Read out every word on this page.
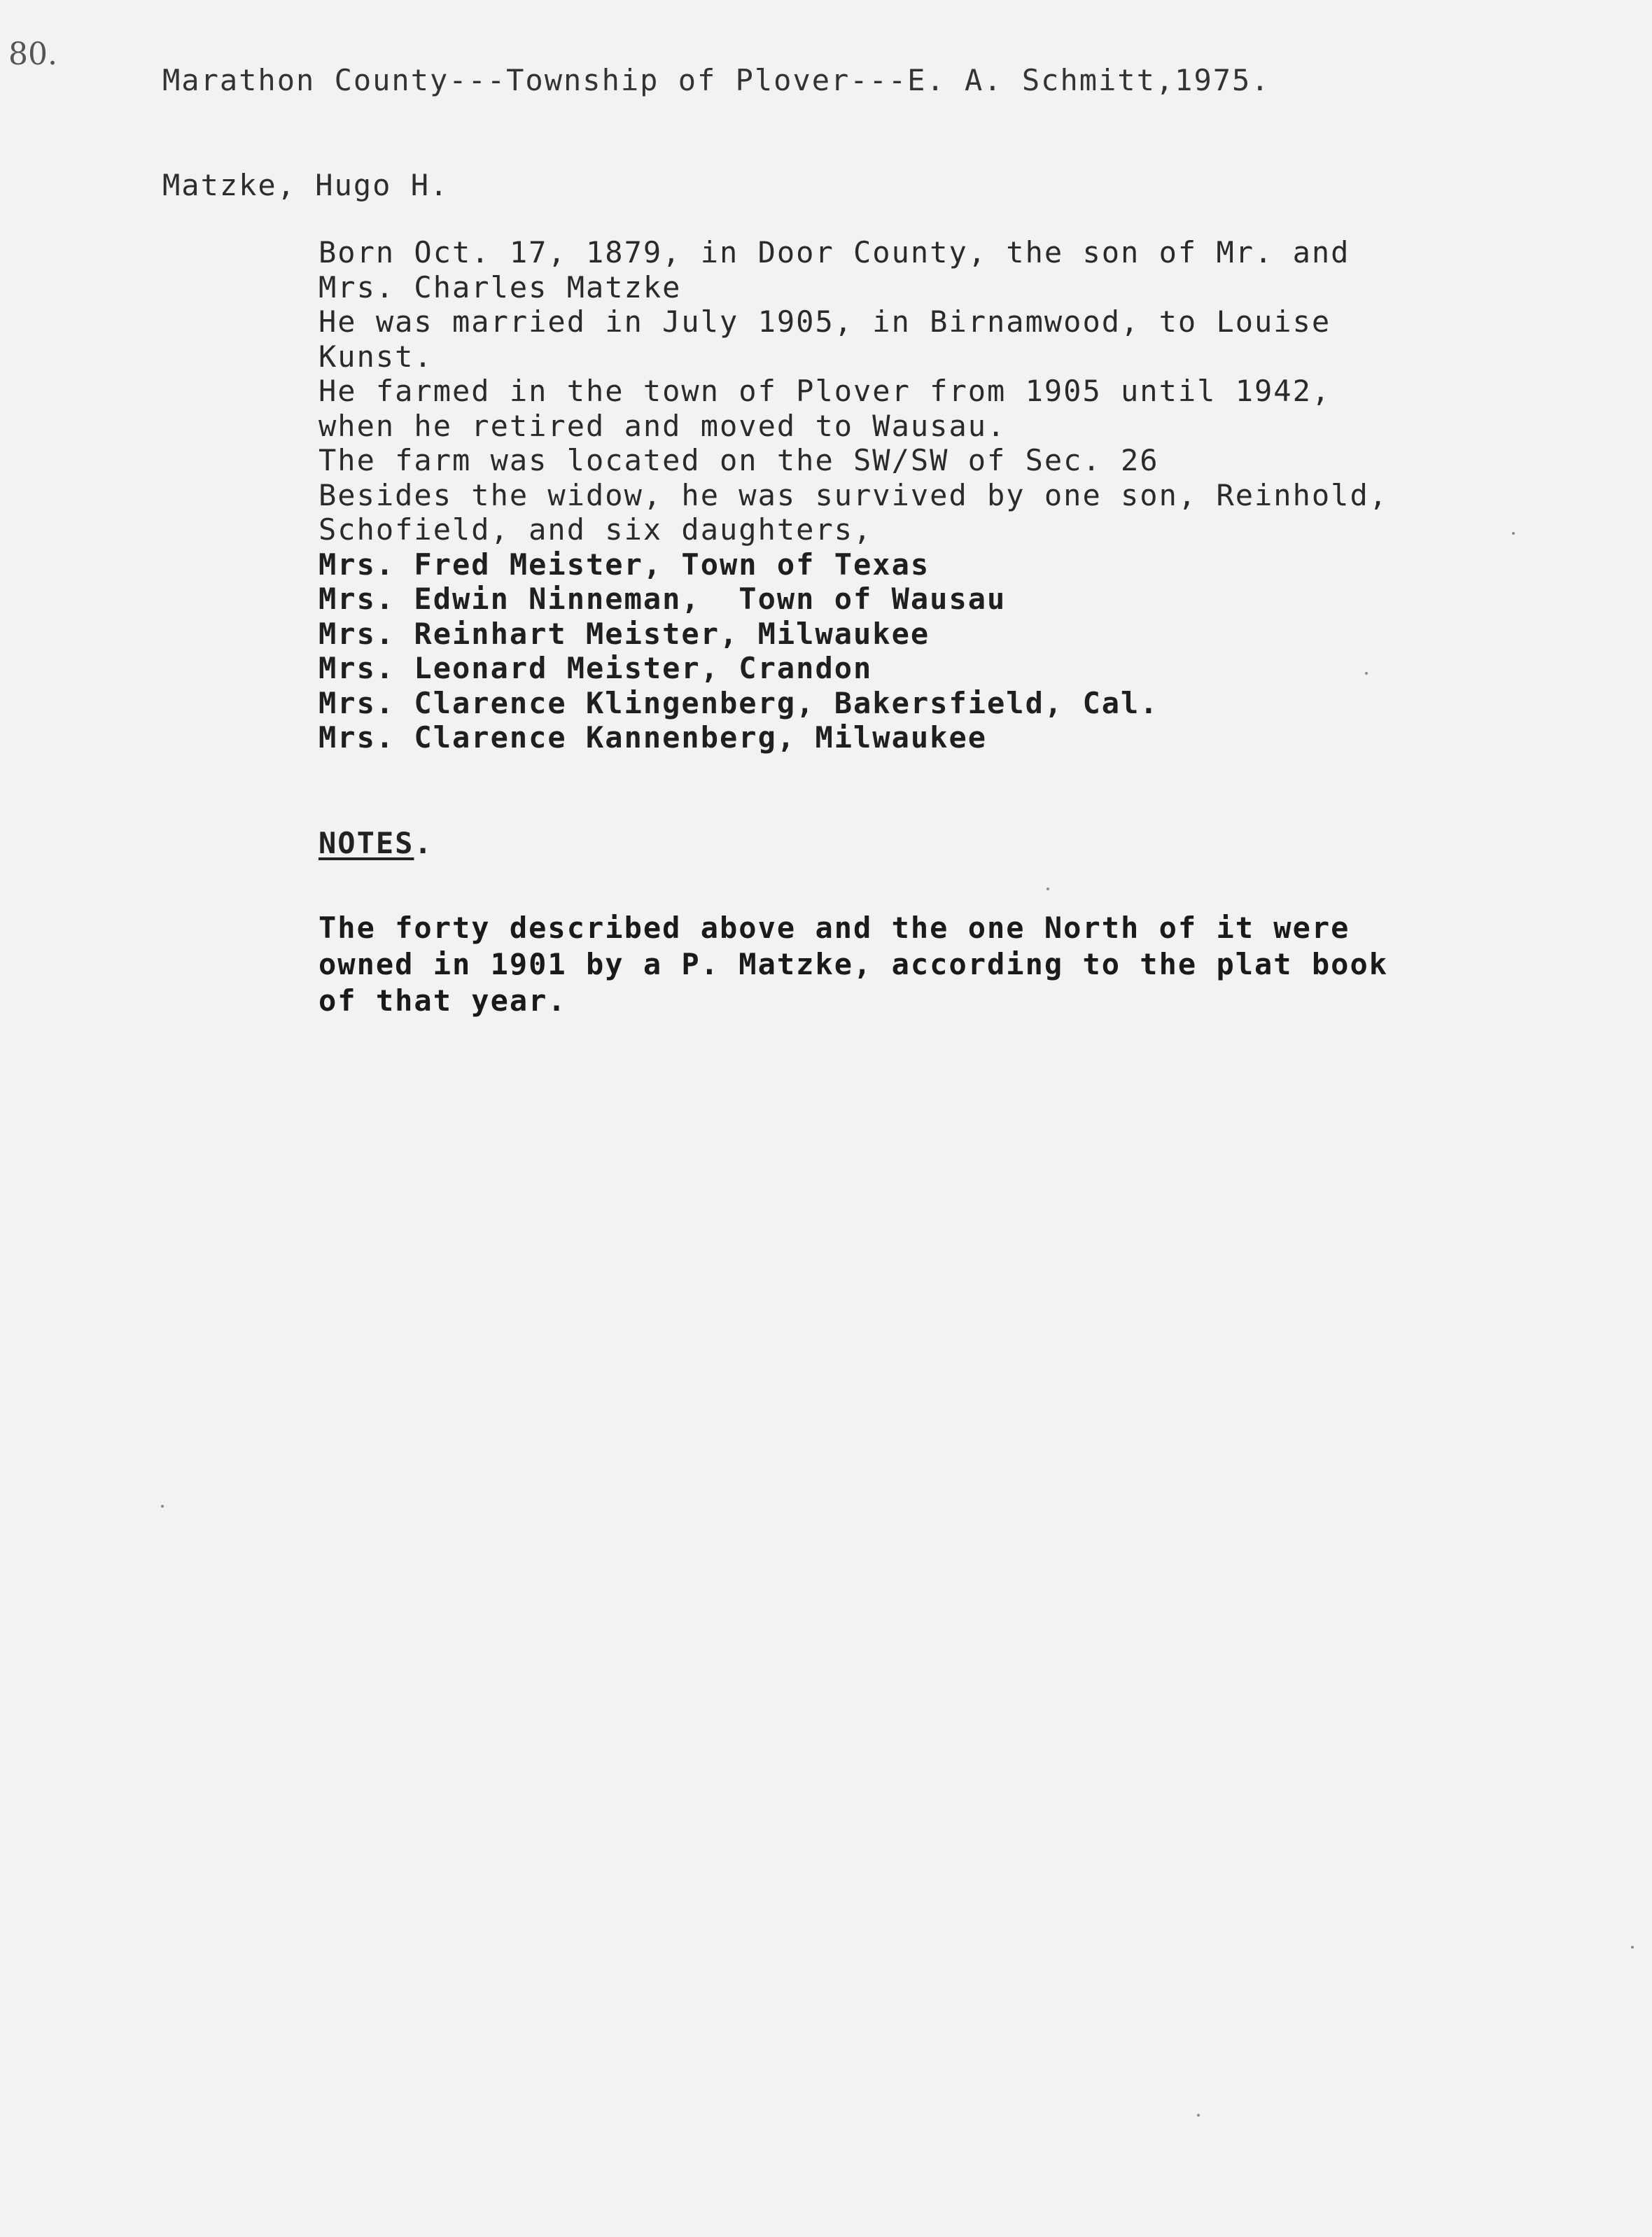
80.
Marathon County---Township of Plover---E. A. Schmitt,1975.
Matzke, Hugo H.
Born Oct. 17, 1879, in Door County, the son of Mr. and
Mrs. Charles Matzke
He was married in July 1905, in Birnamwood, to Louise
Kunst.
He farmed in the town of Plover from 1905 until 1942,
when he retired and moved to Wausau.
The farm was located on the SW/SW of Sec. 26
Besides the widow, he was survived by one son, Reinhold,
Schofield, and six daughters,
Mrs. Fred Meister, Town of Texas
Mrs. Edwin Ninneman,  Town of Wausau
Mrs. Reinhart Meister, Milwaukee
Mrs. Leonard Meister, Crandon
Mrs. Clarence Klingenberg, Bakersfield, Cal.
Mrs. Clarence Kannenberg, Milwaukee
NOTES.
The forty described above and the one North of it were
owned in 1901 by a P. Matzke, according to the plat book
of that year.
